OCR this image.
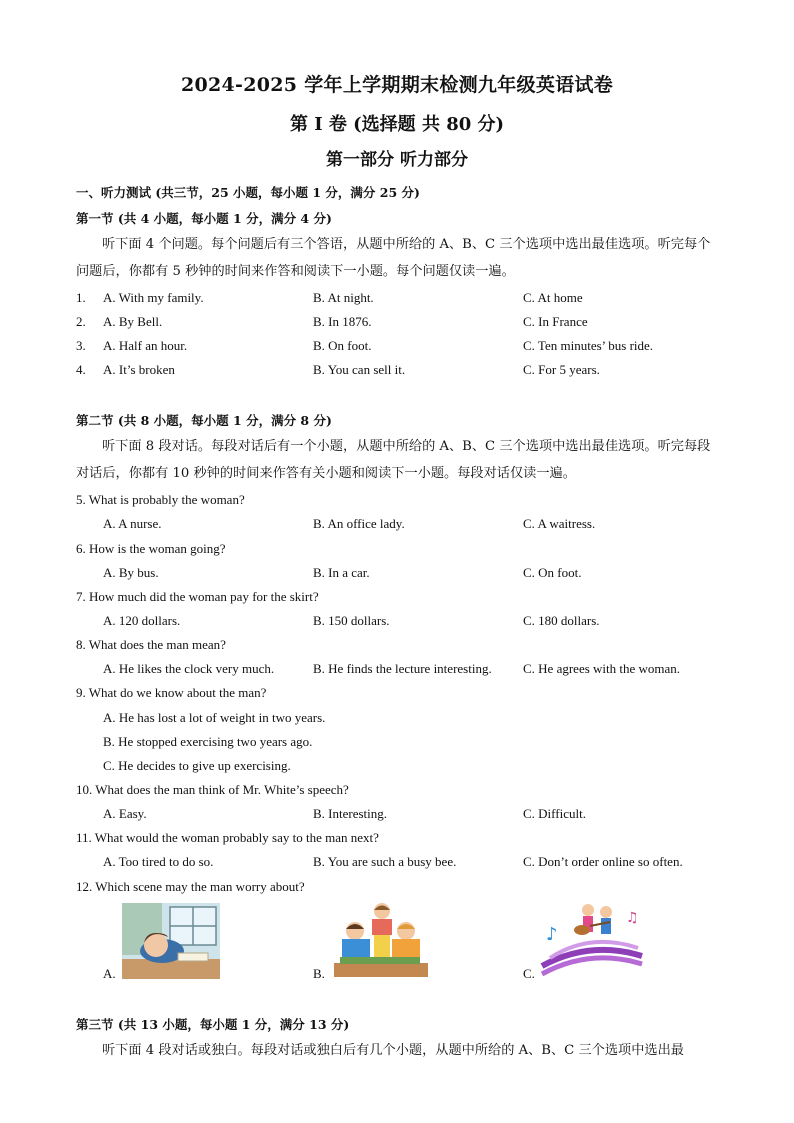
2024-2025 学年上学期期末检测九年级英语试卷
第 Ⅰ 卷 (选择题 共 80 分)
第一部分 听力部分
一、听力测试 (共三节，25 小题，每小题 1 分，满分 25 分)
第一节 (共 4 小题，每小题 1 分，满分 4 分)
听下面 4 个问题。每个问题后有三个答语，从题中所给的 A、B、C 三个选项中选出最佳选项。听完每个问题后，你都有 5 秒钟的时间来作答和阅读下一小题。每个问题仅读一遍。
1. A. With my family.	B. At night.	C. At home
2. A. By Bell.	B. In 1876.	C. In France
3. A. Half an hour.	B. On foot.	C. Ten minutes’ bus ride.
4. A. It’s broken	B. You can sell it.	C. For 5 years.
第二节 (共 8 小题，每小题 1 分，满分 8 分)
听下面 8 段对话。每段对话后有一个小题，从题中所给的 A、B、C 三个选项中选出最佳选项。听完每段对话后，你都有 10 秒钟的时间来作答有关小题和阅读下一小题。每段对话仅读一遍。
5. What is probably the woman?
A. A nurse.	B. An office lady.	C. A waitress.
6. How is the woman going?
A. By bus.	B. In a car.	C. On foot.
7. How much did the woman pay for the skirt?
A. 120 dollars.	B. 150 dollars.	C. 180 dollars.
8. What does the man mean?
A. He likes the clock very much.	B. He finds the lecture interesting. C. He agrees with the woman.
9. What do we know about the man?
A. He has lost a lot of weight in two years.
B. He stopped exercising two years ago.
C. He decides to give up exercising.
10. What does the man think of Mr. White’s speech?
A. Easy.	B. Interesting.	C. Difficult.
11. What would the woman probably say to the man next?
A. Too tired to do so.	B. You are such a busy bee.	C. Don’t order online so often.
12. Which scene may the man worry about?
A.	B.	C.
♪
♫
第三节 (共 13 小题，每小题 1 分，满分 13 分)
听下面 4 段对话或独白。每段对话或独白后有几个小题，从题中所给的 A、B、C 三个选项中选出最
